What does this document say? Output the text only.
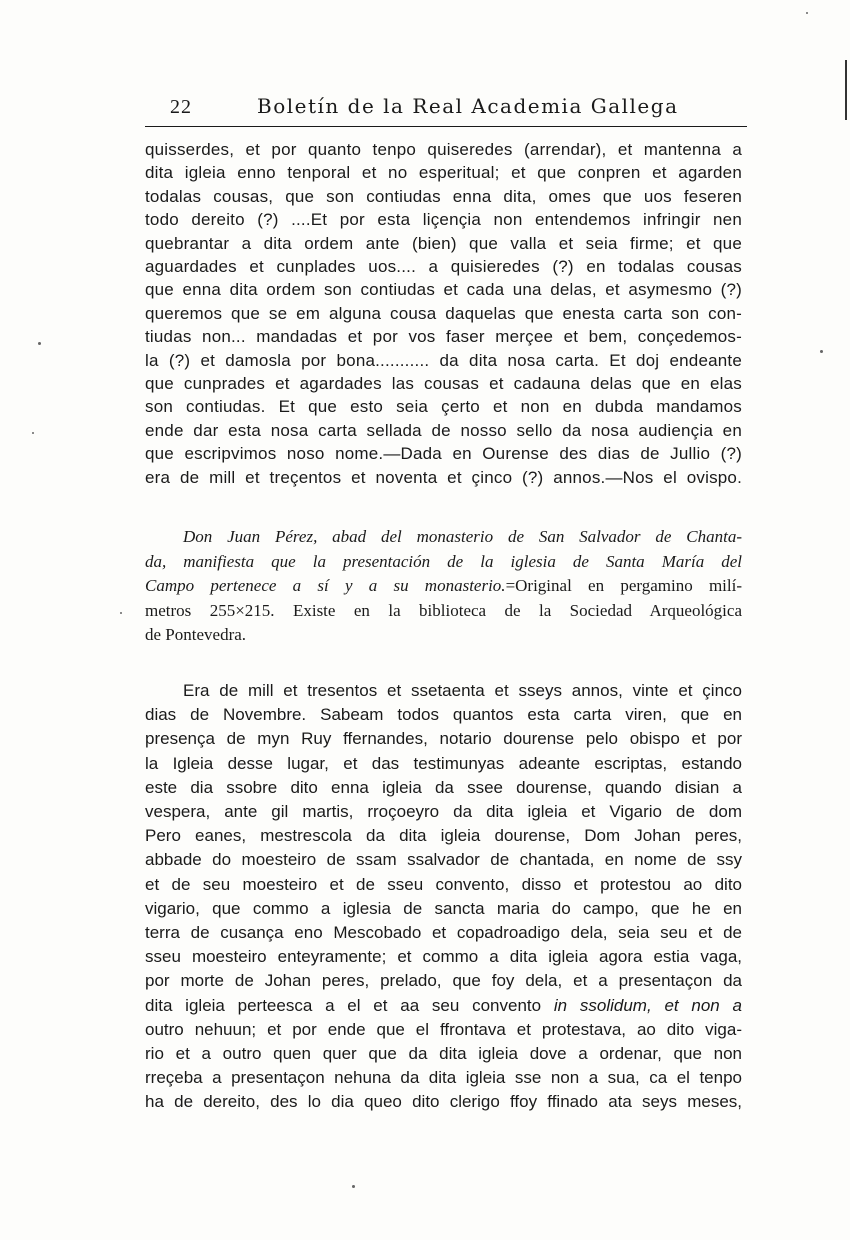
22	Boletín de la Real Academia Gallega
quisserdes, et por quanto tenpo quiseredes (arrendar), et mantenna a
dita igleia enno tenporal et no esperitual; et que conpren et agarden
todalas cousas, que son contiudas enna dita, omes que uos feseren
todo dereito (?) ....Et por esta liçençia non entendemos infringir nen
quebrantar a dita ordem ante (bien) que valla et seia firme; et que
aguardades et cunplades uos.... a quisieredes (?) en todalas cousas
que enna dita ordem son contiudas et cada una delas, et asymesmo (?)
queremos que se em alguna cousa daquelas que enesta carta son con-
tiudas non... mandadas et por vos faser merçee et bem, conçedemos-
la (?) et damosla por bona........... da dita nosa carta. Et doj endeante
que cunprades et agardades las cousas et cadauna delas que en elas
son contiudas. Et que esto seia çerto et non en dubda mandamos
ende dar esta nosa carta sellada de nosso sello da nosa audiençia en
que escripvimos noso nome.—Dada en Ourense des dias de Jullio (?)
era de mill et treçentos et noventa et çinco (?) annos.—Nos el ovispo.
Don Juan Pérez, abad del monasterio de San Salvador de Chanta-
da, manifiesta que la presentación de la iglesia de Santa María del
Campo pertenece a sí y a su monasterio.=Original en pergamino milí-
metros 255×215. Existe en la biblioteca de la Sociedad Arqueológica
de Pontevedra.
Era de mill et tresentos et ssetaenta et sseys annos, vinte et çinco
dias de Novembre. Sabeam todos quantos esta carta viren, que en
presença de myn Ruy ffernandes, notario dourense pelo obispo et por
la Igleia desse lugar, et das testimunyas adeante escriptas, estando
este dia ssobre dito enna igleia da ssee dourense, quando disian a
vespera, ante gil martis, rroçoeyro da dita igleia et Vigario de dom
Pero eanes, mestrescola da dita igleia dourense, Dom Johan peres,
abbade do moesteiro de ssam ssalvador de chantada, en nome de ssy
et de seu moesteiro et de sseu convento, disso et protestou ao dito
vigario, que commo a iglesia de sancta maria do campo, que he en
terra de cusança eno Mescobado et copadroadigo dela, seia seu et de
sseu moesteiro enteyramente; et commo a dita igleia agora estia vaga,
por morte de Johan peres, prelado, que foy dela, et a presentaçon da
dita igleia perteesca a el et aa seu convento in ssolidum, et non a
outro nehuun; et por ende que el ffrontava et protestava, ao dito viga-
rio et a outro quen quer que da dita igleia dove a ordenar, que non
rreçeba a presentaçon nehuna da dita igleia sse non a sua, ca el tenpo
ha de dereito, des lo dia queo dito clerigo ffoy ffinado ata seys meses,
